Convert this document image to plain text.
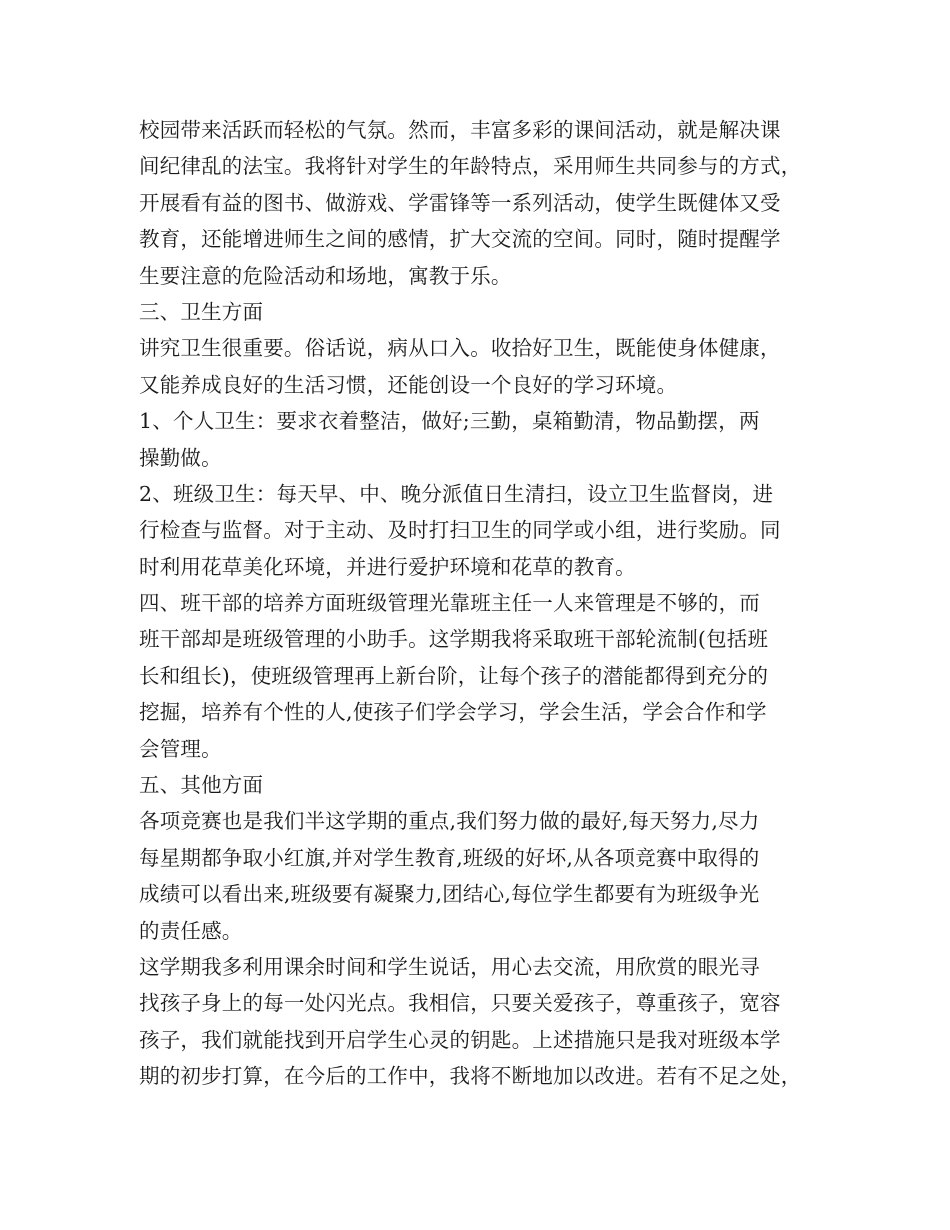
校园带来活跃而轻松的气氛。然而，丰富多彩的课间活动，就是解决课
间纪律乱的法宝。我将针对学生的年龄特点，采用师生共同参与的方式，
开展看有益的图书、做游戏、学雷锋等一系列活动，使学生既健体又受
教育，还能增进师生之间的感情，扩大交流的空间。同时，随时提醒学
生要注意的危险活动和场地，寓教于乐。
三、卫生方面
讲究卫生很重要。俗话说，病从口入。收拾好卫生，既能使身体健康，
又能养成良好的生活习惯，还能创设一个良好的学习环境。
1、个人卫生：要求衣着整洁，做好;三勤，桌箱勤清，物品勤摆，两
操勤做。
2、班级卫生：每天早、中、晚分派值日生清扫，设立卫生监督岗，进
行检查与监督。对于主动、及时打扫卫生的同学或小组，进行奖励。同
时利用花草美化环境，并进行爱护环境和花草的教育。
四、班干部的培养方面班级管理光靠班主任一人来管理是不够的，而
班干部却是班级管理的小助手。这学期我将采取班干部轮流制(包括班
长和组长)，使班级管理再上新台阶，让每个孩子的潜能都得到充分的
挖掘，培养有个性的人,使孩子们学会学习，学会生活，学会合作和学
会管理。
五、其他方面
各项竞赛也是我们半这学期的重点,我们努力做的最好,每天努力,尽力
每星期都争取小红旗,并对学生教育,班级的好坏,从各项竞赛中取得的
成绩可以看出来,班级要有凝聚力,团结心,每位学生都要有为班级争光
的责任感。
这学期我多利用课余时间和学生说话，用心去交流，用欣赏的眼光寻
找孩子身上的每一处闪光点。我相信，只要关爱孩子，尊重孩子，宽容
孩子，我们就能找到开启学生心灵的钥匙。上述措施只是我对班级本学
期的初步打算，在今后的工作中，我将不断地加以改进。若有不足之处，
